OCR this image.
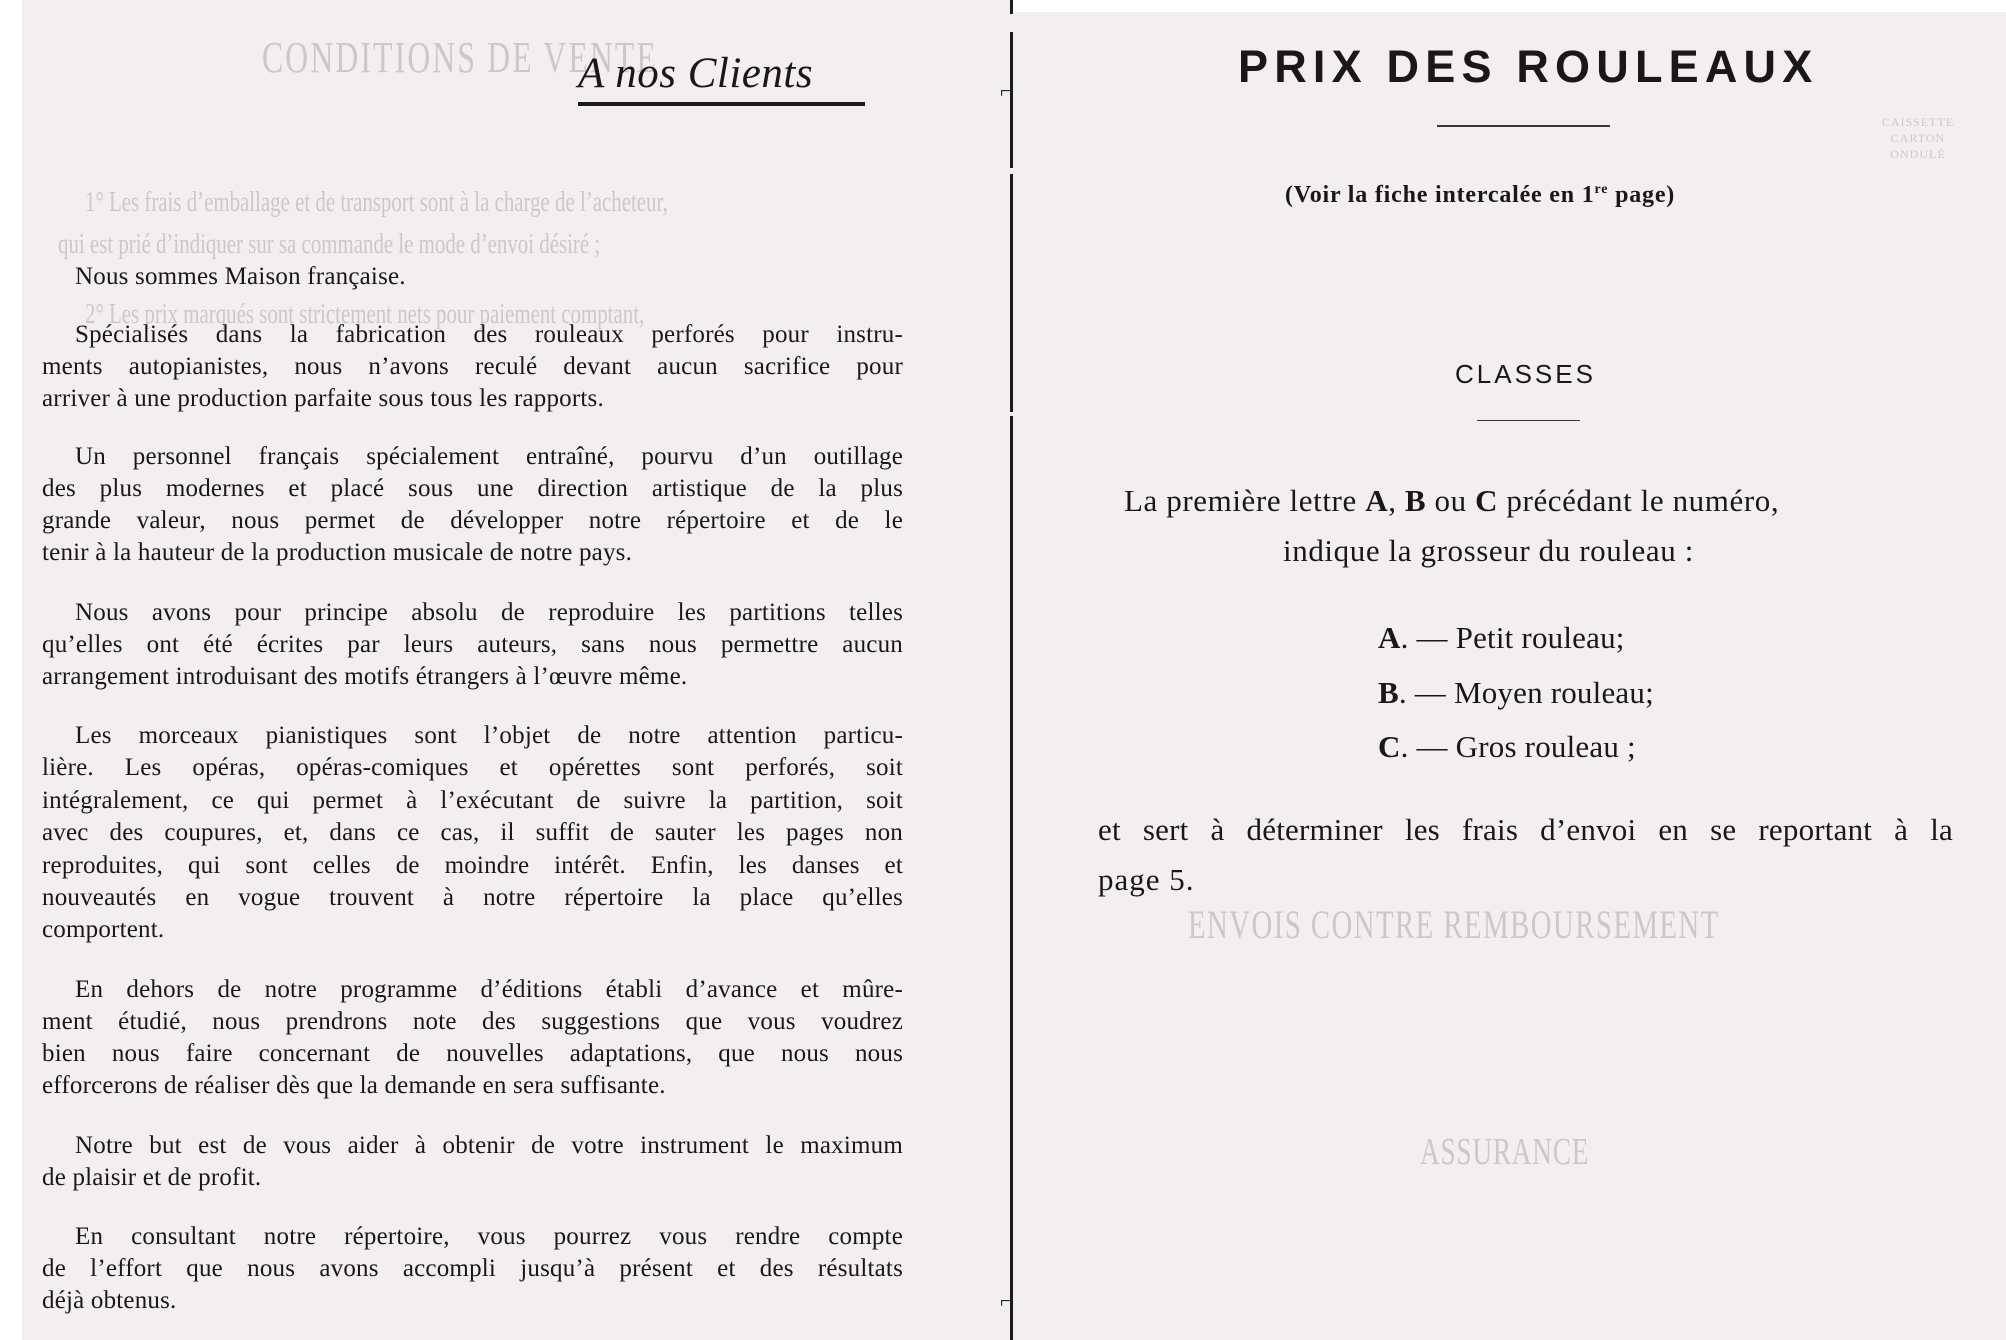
CONDITIONS DE VENTE
1° Les frais d’emballage et de transport sont à la charge de l’acheteur,
qui est prié d’indiquer sur sa commande le mode d’envoi désiré ;
2° Les prix marqués sont strictement nets pour paiement comptant,
ENVOIS CONTRE REMBOURSEMENT
ASSURANCE
CAISSETTE CARTON ONDULÉ
⌐
⌐
A nos Clients
Nous sommes Maison française.
Spécialisés dans la fabrication des rouleaux perforés pour instru-
ments autopianistes, nous n’avons reculé devant aucun sacrifice pour
arriver à une production parfaite sous tous les rapports.
Un personnel français spécialement entraîné, pourvu d’un outillage
des plus modernes et placé sous une direction artistique de la plus
grande valeur, nous permet de développer notre répertoire et de le
tenir à la hauteur de la production musicale de notre pays.
Nous avons pour principe absolu de reproduire les partitions telles
qu’elles ont été écrites par leurs auteurs, sans nous permettre aucun
arrangement introduisant des motifs étrangers à l’œuvre même.
Les morceaux pianistiques sont l’objet de notre attention particu-
lière. Les opéras, opéras-comiques et opérettes sont perforés, soit
intégralement, ce qui permet à l’exécutant de suivre la partition, soit
avec des coupures, et, dans ce cas, il suffit de sauter les pages non
reproduites, qui sont celles de moindre intérêt. Enfin, les danses et
nouveautés en vogue trouvent à notre répertoire la place qu’elles
comportent.
En dehors de notre programme d’éditions établi d’avance et mûre-
ment étudié, nous prendrons note des suggestions que vous voudrez
bien nous faire concernant de nouvelles adaptations, que nous nous
efforcerons de réaliser dès que la demande en sera suffisante.
Notre but est de vous aider à obtenir de votre instrument le maximum
de plaisir et de profit.
En consultant notre répertoire, vous pourrez vous rendre compte
de l’effort que nous avons accompli jusqu’à présent et des résultats
déjà obtenus.
PRIX DES ROULEAUX
(Voir la fiche intercalée en 1re page)
CLASSES
La première lettre A, B ou C précédant le numéro,
indique la grosseur du rouleau :
A. — Petit rouleau;
B. — Moyen rouleau;
C. — Gros rouleau ;
et sert à déterminer les frais d’envoi en se reportant à la
page 5.
